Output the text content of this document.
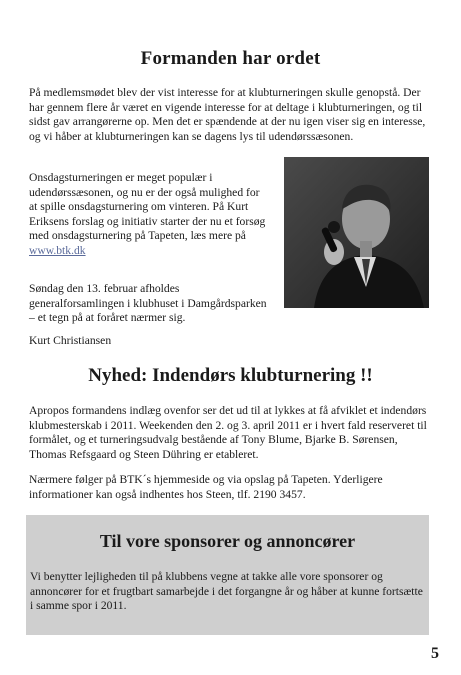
Formanden har ordet

På medlemsmødet blev der vist interesse for at klubturneringen skulle genopstå. Der har gennem flere år været en vigende interesse for at deltage i klubturneringen, og til sidst gav arrangørerne op. Men det er spændende at der nu igen viser sig en interesse, og vi håber at klubturneringen kan se dagens lys til udendørssæsonen.

Onsdagsturneringen er meget populær i udendørssæsonen, og nu er der også mulighed for at spille onsdagsturnering om vinteren. På Kurt Eriksens forslag og initiativ starter der nu et forsøg med onsdagsturnering på Tapeten, læs mere på www.btk.dk

Søndag den 13. februar afholdes generalforsamlingen i klubhuset i Damgårdsparken – et tegn på at foråret nærmer sig.

Kurt Christiansen

Nyhed: Indendørs klubturnering !!

Apropos formandens indlæg ovenfor ser det ud til at lykkes at få afviklet et indendørs klubmesterskab i 2011. Weekenden den 2. og 3. april 2011 er i hvert fald reserveret til formålet, og et turneringsudvalg bestående af Tony Blume, Bjarke B. Sørensen, Thomas Refsgaard og Steen Dühring er etableret.

Nærmere følger på BTK´s hjemmeside og via opslag på Tapeten. Yderligere informationer kan også indhentes hos Steen, tlf. 2190 3457.

Til vore sponsorer og annoncører

Vi benytter lejligheden til på klubbens vegne at takke alle vore sponsorer og annoncører for et frugtbart samarbejde i det forgangne år og håber at kunne fortsætte i samme spor i 2011.

5
